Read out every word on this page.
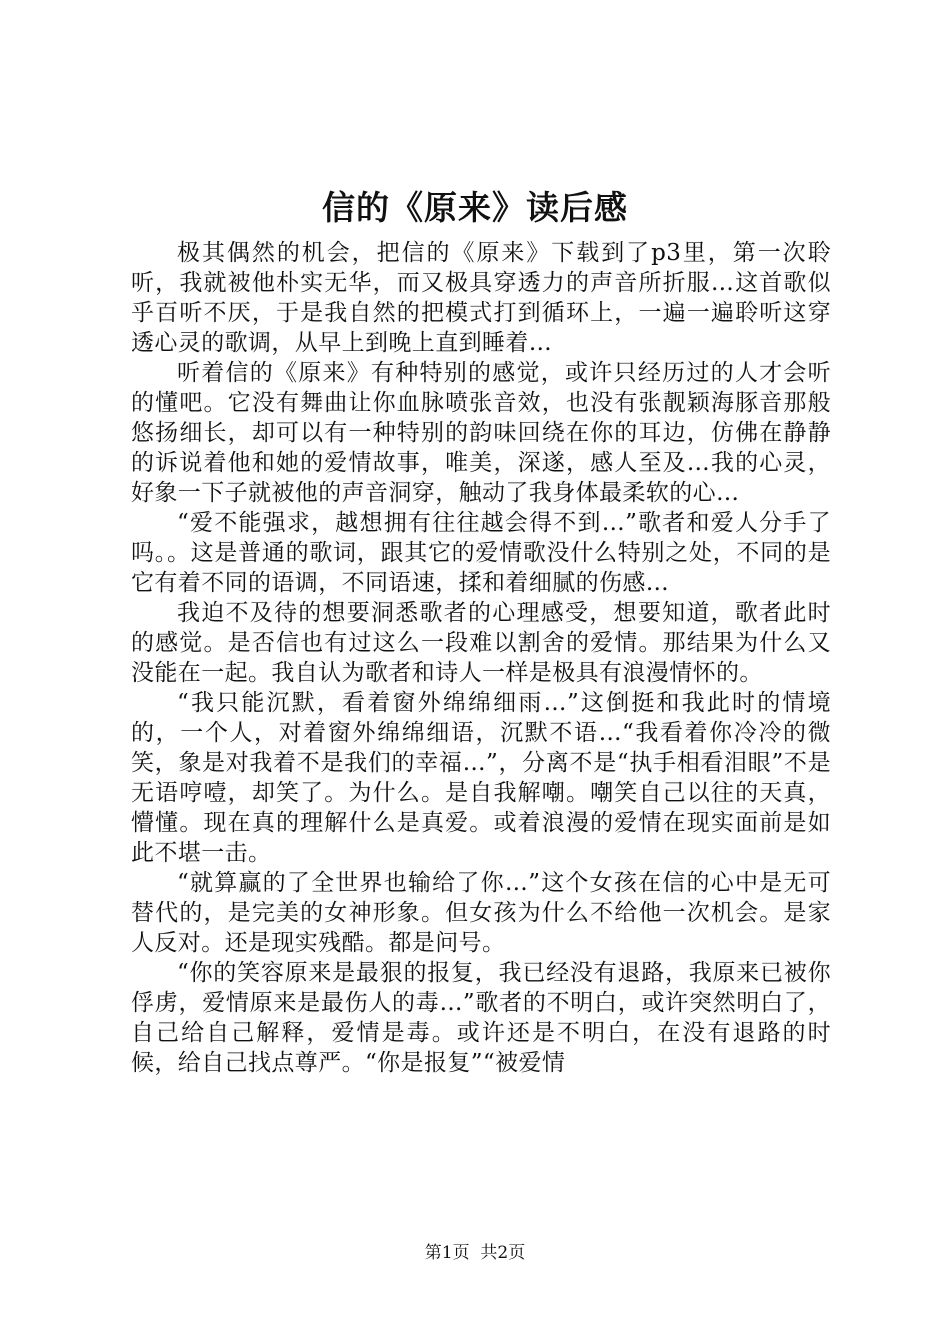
信的《原来》读后感

极其偶然的机会，把信的《原来》下载到了p3里，第一次聆听，我就被他朴实无华，而又极具穿透力的声音所折服…这首歌似乎百听不厌，于是我自然的把模式打到循环上，一遍一遍聆听这穿透心灵的歌调，从早上到晚上直到睡着…

听着信的《原来》有种特别的感觉，或许只经历过的人才会听的懂吧。它没有舞曲让你血脉喷张音效，也没有张靓颖海豚音那般悠扬细长，却可以有一种特别的韵味回绕在你的耳边，仿佛在静静的诉说着他和她的爱情故事，唯美，深遂，感人至及…我的心灵，好象一下子就被他的声音洞穿，触动了我身体最柔软的心…

“爱不能强求，越想拥有往往越会得不到…”歌者和爱人分手了吗。。这是普通的歌词，跟其它的爱情歌没什么特别之处，不同的是它有着不同的语调，不同语速，揉和着细腻的伤感…

我迫不及待的想要洞悉歌者的心理感受，想要知道，歌者此时的感觉。是否信也有过这么一段难以割舍的爱情。那结果为什么又没能在一起。我自认为歌者和诗人一样是极具有浪漫情怀的。

“我只能沉默，看着窗外绵绵细雨…”这倒挺和我此时的情境的，一个人，对着窗外绵绵细语，沉默不语…“我看着你冷冷的微笑，象是对我着不是我们的幸福…”，分离不是“执手相看泪眼”不是无语哼噎，却笑了。为什么。是自我解嘲。嘲笑自己以往的天真，懵懂。现在真的理解什么是真爱。或着浪漫的爱情在现实面前是如此不堪一击。

“就算赢的了全世界也输给了你…”这个女孩在信的心中是无可替代的，是完美的女神形象。但女孩为什么不给他一次机会。是家人反对。还是现实残酷。都是问号。

“你的笑容原来是最狠的报复，我已经没有退路，我原来已被你俘虏，爱情原来是最伤人的毒…”歌者的不明白，或许突然明白了，自己给自己解释，爱情是毒。或许还是不明白，在没有退路的时候，给自己找点尊严。“你是报复”“被爱情

第1页 共2页
